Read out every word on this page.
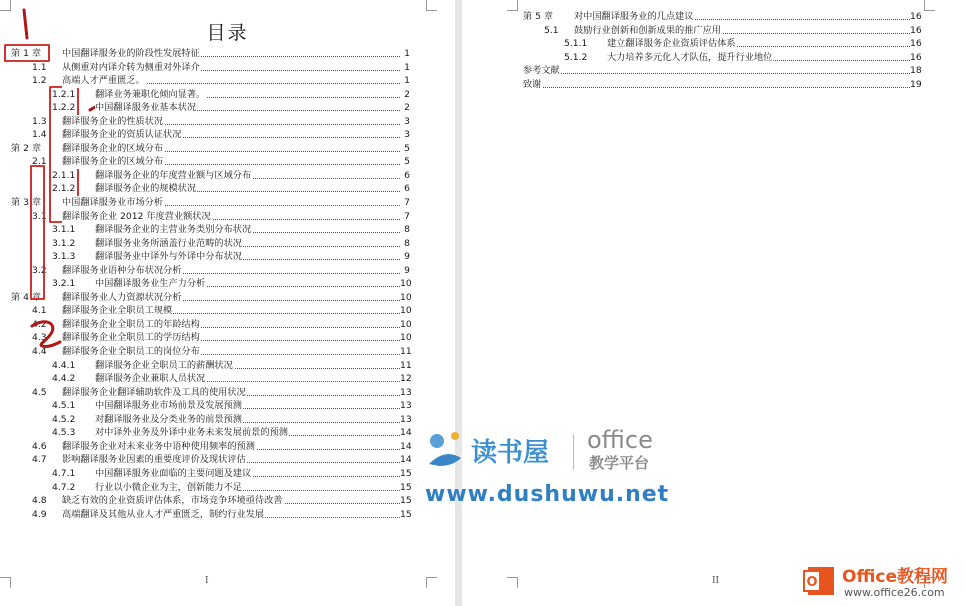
目录
第 1 章 中国翻译服务业的阶段性发展特征	1
1.1 从侧重对内译介转为侧重对外译介	1
1.2 高端人才严重匮乏。	1
1.2.1 翻译业务兼职化倾向显著。	2
1.2.2 中国翻译服务业基本状况	2
1.3 翻译服务企业的性质状况	3
1.4 翻译服务企业的资质认证状况	3
第 2 章 翻译服务企业的区域分布	5
2.1 翻译服务企业的区域分布	5
2.1.1 翻译服务企业的年度营业额与区域分布	6
2.1.2 翻译服务企业的规模状况	6
第 3 章 中国翻译服务业市场分析	7
3.1 翻译服务企业 2012 年度营业额状况	7
3.1.1 翻译服务企业的主营业务类别分布状况	8
3.1.2 翻译服务业务所涵盖行业范畴的状况	8
3.1.3 翻译服务业中译外与外译中分布状况	9
3.2 翻译服务业语种分布状况分析	9
3.2.1 中国翻译服务业生产力分析	10
第 4 章 翻译服务业人力资源状况分析	10
4.1 翻译服务企业全职员工规模	10
4.2 翻译服务企业全职员工的年龄结构	10
4.3 翻译服务企业全职员工的学历结构	10
4.4 翻译服务企业全职员工的岗位分布	11
4.4.1 翻译服务企业全职员工的薪酬状况	11
4.4.2 翻译服务企业兼职人员状况	12
4.5 翻译服务企业翻译辅助软件及工具的使用状况	13
4.5.1 中国翻译服务业市场前景及发展预测	13
4.5.2 对翻译服务业及分类业务的前景预测	13
4.5.3 对中译外业务及外译中业务未来发展前景的预测	14
4.6 翻译服务企业对未来业务中语种使用频率的预测	14
4.7 影响翻译服务业因素的重要度评价及现状评估	14
4.7.1 中国翻译服务业面临的主要问题及建议	15
4.7.2 行业以小微企业为主，创新能力不足	15
4.8 缺乏有效的企业资质评估体系，市场竞争环境亟待改善	15
4.9 高端翻译及其他从业人才严重匮乏，制约行业发展	15
I
第 5 章 对中国翻译服务业的几点建议	16
5.1 鼓励行业创新和创新成果的推广应用	16
5.1.1 建立翻译服务企业资质评估体系	16
5.1.2 大力培养多元化人才队伍，提升行业地位	16
参考文献	18
致谢	19
II
读书屋 office
教学平台
www.dushuwu.net
O Office教程网
www.office26.com
